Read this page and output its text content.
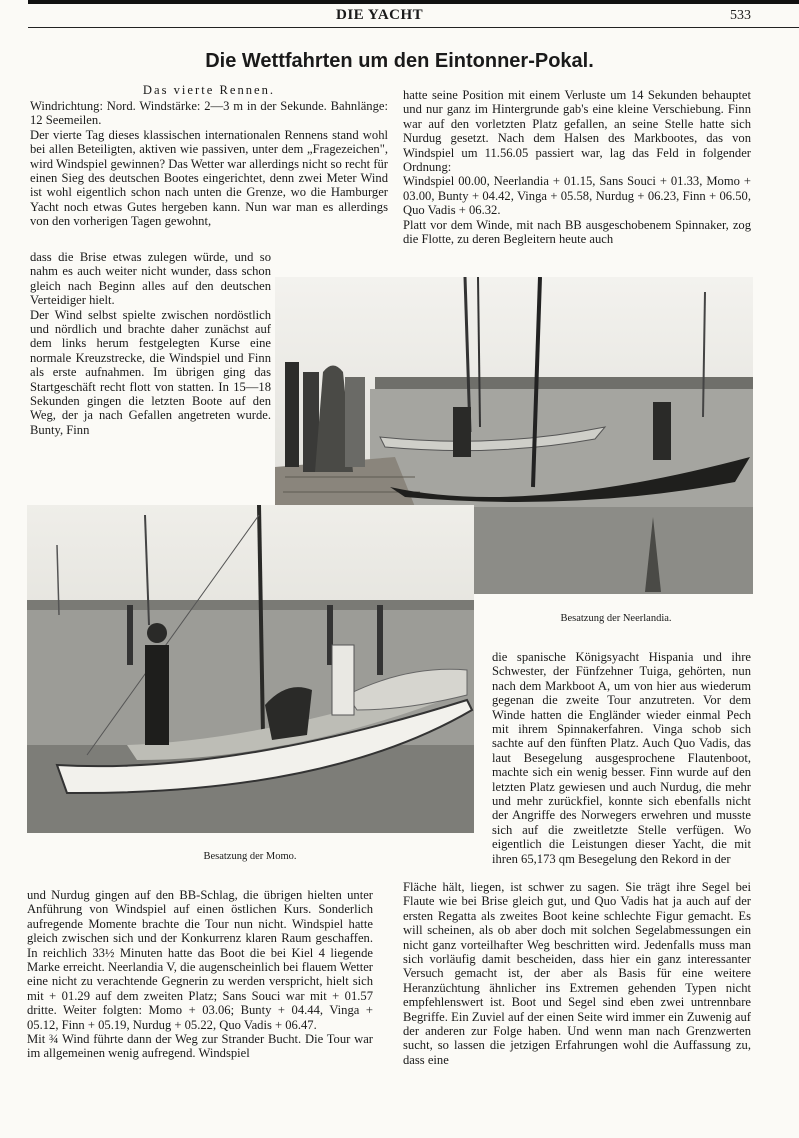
DIE YACHT	533
Die Wettfahrten um den Eintonner-Pokal.
Das vierte Rennen.
Windrichtung: Nord. Windstärke: 2—3 m in der Sekunde. Bahnlänge: 12 Seemeilen.
Der vierte Tag dieses klassischen internationalen Rennens stand wohl bei allen Beteiligten, aktiven wie passiven, unter dem „Fragezeichen", wird Windspiel gewinnen? Das Wetter war allerdings nicht so recht für einen Sieg des deutschen Bootes eingerichtet, denn zwei Meter Wind ist wohl eigentlich schon nach unten die Grenze, wo die Hamburger Yacht noch etwas Gutes hergeben kann. Nun war man es allerdings von den vorherigen Tagen gewohnt,
dass die Brise etwas zulegen würde, und so nahm es auch weiter nicht wunder, dass schon gleich nach Beginn alles auf den deutschen Verteidiger hielt.
Der Wind selbst spielte zwischen nordöstlich und nördlich und brachte daher zunächst auf dem links herum festgelegten Kurse eine normale Kreuzstrecke, die Windspiel und Finn als erste aufnahmen. Im übrigen ging das Startgeschäft recht flott von statten. In 15—18 Sekunden gingen die letzten Boote auf den Weg, der ja nach Gefallen angetreten wurde. Bunty, Finn
hatte seine Position mit einem Verluste um 14 Sekunden behauptet und nur ganz im Hintergrunde gab's eine kleine Verschiebung. Finn war auf den vorletzten Platz gefallen, an seine Stelle hatte sich Nurdug gesetzt. Nach dem Halsen des Markbootes, das von Windspiel um 11.56.05 passiert war, lag das Feld in folgender Ordnung:
Windspiel 00.00, Neerlandia + 01.15, Sans Souci + 01.33, Momo + 03.00, Bunty + 04.42, Vinga + 05.58, Nurdug + 06.23, Finn + 06.50, Quo Vadis + 06.32.
Platt vor dem Winde, mit nach BB ausgeschobenem Spinnaker, zog die Flotte, zu deren Begleitern heute auch
Besatzung der Neerlandia.
Besatzung der Momo.
die spanische Königsyacht Hispania und ihre Schwester, der Fünfzehner Tuiga, gehörten, nun nach dem Markboot A, um von hier aus wiederum gegenan die zweite Tour anzutreten. Vor dem Winde hatten die Engländer wieder einmal Pech mit ihrem Spinnakerfahren. Vinga schob sich sachte auf den fünften Platz. Auch Quo Vadis, das laut Besegelung ausgesprochene Flautenboot, machte sich ein wenig besser. Finn wurde auf den letzten Platz gewiesen und auch Nurdug, die mehr und mehr zurückfiel, konnte sich ebenfalls nicht der Angriffe des Norwegers erwehren und musste sich auf die zweitletzte Stelle verfügen. Wo eigentlich die Leistungen dieser Yacht, die mit ihren 65,173 qm Besegelung den Rekord in der
Fläche hält, liegen, ist schwer zu sagen. Sie trägt ihre Segel bei Flaute wie bei Brise gleich gut, und Quo Vadis hat ja auch auf der ersten Regatta als zweites Boot keine schlechte Figur gemacht. Es will scheinen, als ob aber doch mit solchen Segelabmessungen ein nicht ganz vorteilhafter Weg beschritten wird. Jedenfalls muss man sich vorläufig damit bescheiden, dass hier ein ganz interessanter Versuch gemacht ist, der aber als Basis für eine weitere Heranzüchtung ähnlicher ins Extremen gehenden Typen nicht empfehlenswert ist. Boot und Segel sind eben zwei untrennbare Begriffe. Ein Zuviel auf der einen Seite wird immer ein Zuwenig auf der anderen zur Folge haben. Und wenn man nach Grenzwerten sucht, so lassen die jetzigen Erfahrungen wohl die Auffassung zu, dass eine
und Nurdug gingen auf den BB-Schlag, die übrigen hielten unter Anführung von Windspiel auf einen östlichen Kurs. Sonderlich aufregende Momente brachte die Tour nun nicht. Windspiel hatte gleich zwischen sich und der Konkurrenz klaren Raum geschaffen. In reichlich 33½ Minuten hatte das Boot die bei Kiel 4 liegende Marke erreicht. Neerlandia V, die augenscheinlich bei flauem Wetter eine nicht zu verachtende Gegnerin zu werden verspricht, hielt sich mit + 01.29 auf dem zweiten Platz; Sans Souci war mit + 01.57 dritte. Weiter folgten: Momo + 03.06; Bunty + 04.44, Vinga + 05.12, Finn + 05.19, Nurdug + 05.22, Quo Vadis + 06.47.
Mit ¾ Wind führte dann der Weg zur Strander Bucht. Die Tour war im allgemeinen wenig aufregend. Windspiel
